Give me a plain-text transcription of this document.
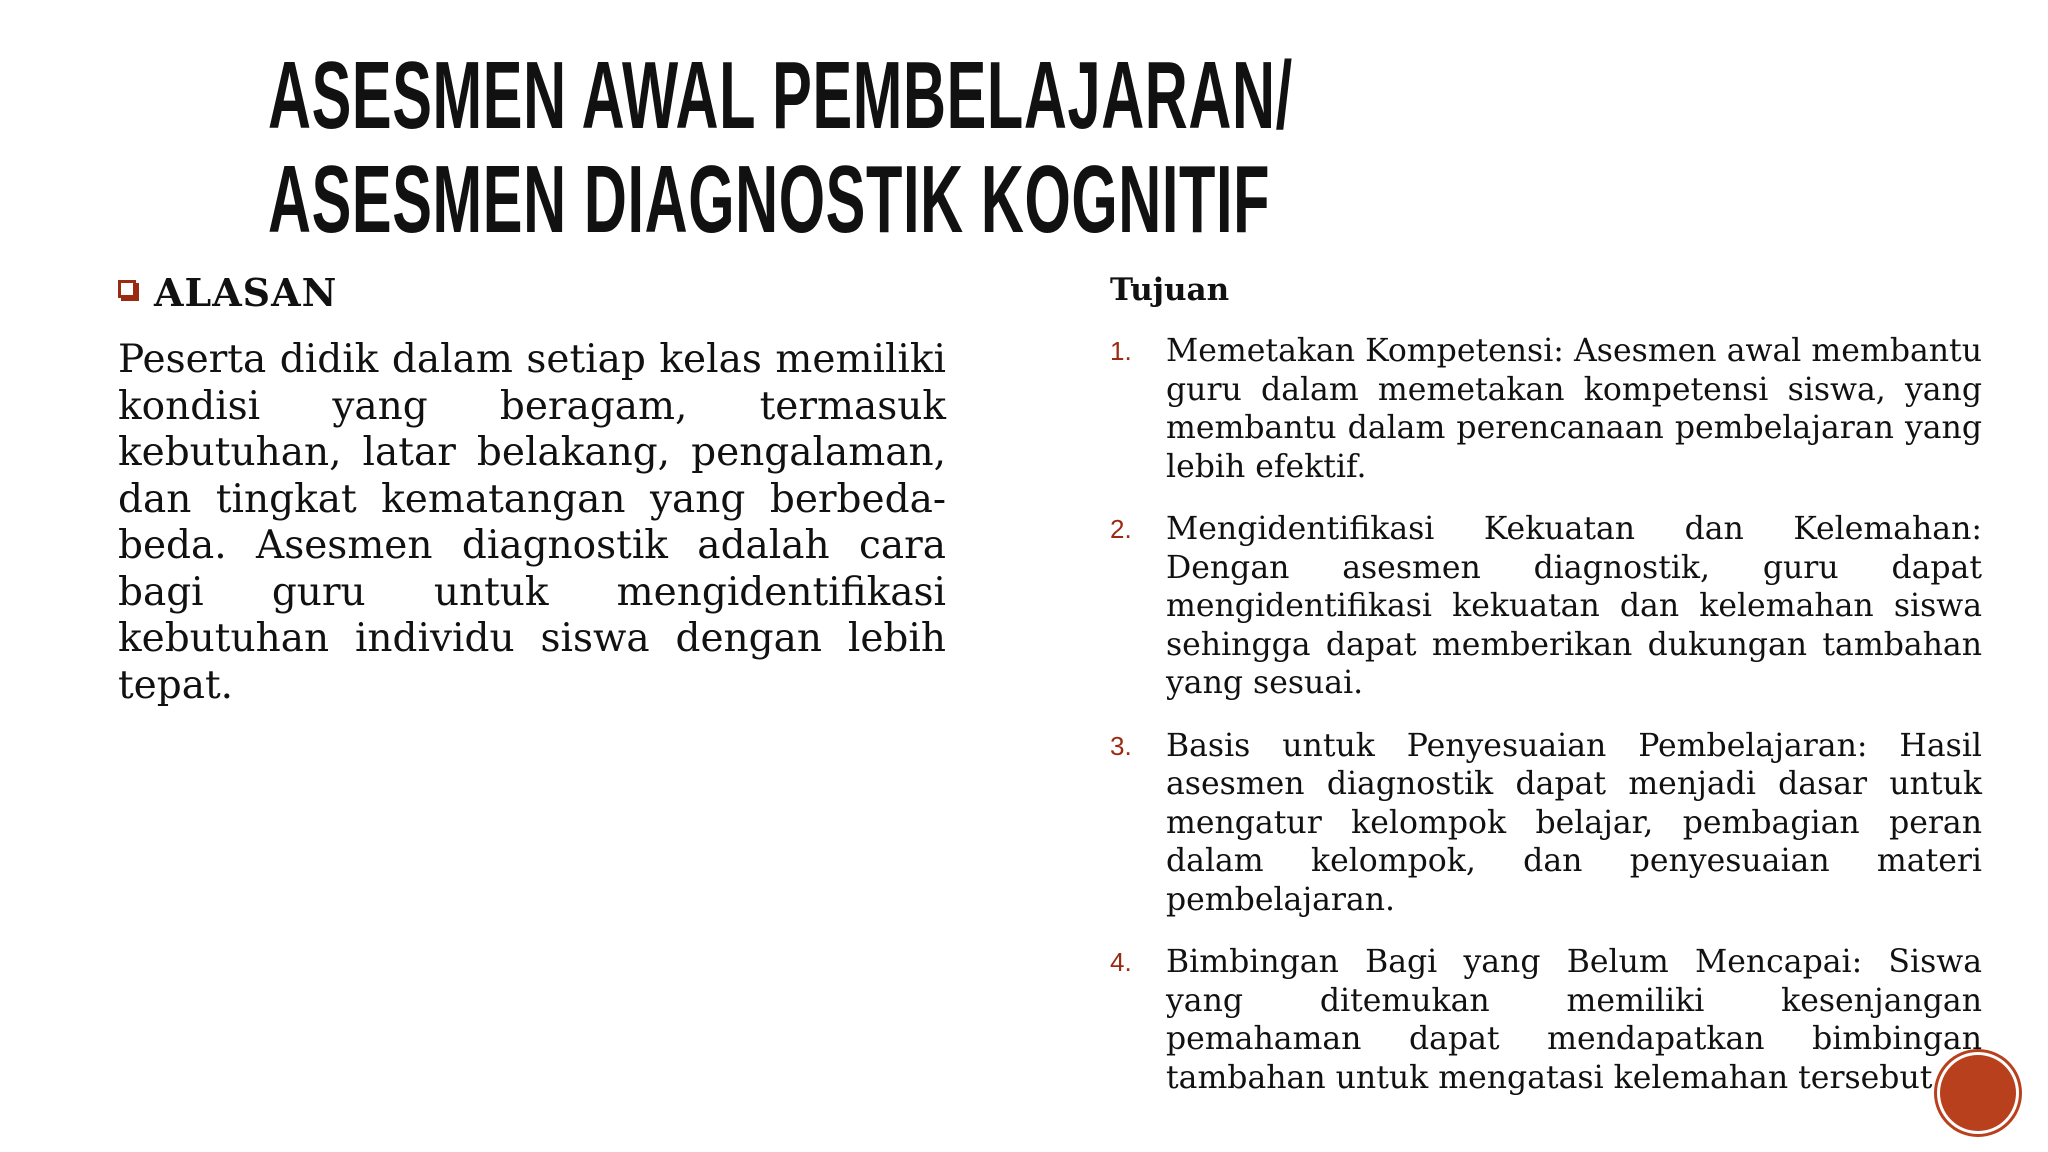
ASESMEN AWAL PEMBELAJARAN/
ASESMEN DIAGNOSTIK KOGNITIF
ALASAN

Peserta didik dalam setiap kelas memiliki kondisi yang beragam, termasuk kebutuhan, latar belakang, pengalaman, dan tingkat kematangan yang berbeda-beda. Asesmen diagnostik adalah cara bagi guru untuk mengidentifikasi kebutuhan individu siswa dengan lebih tepat.

Tujuan
1.	Memetakan Kompetensi: Asesmen awal membantu guru dalam memetakan kompetensi siswa, yang membantu dalam perencanaan pembelajaran yang lebih efektif.
2.	Mengidentifikasi Kekuatan dan Kelemahan: Dengan asesmen diagnostik, guru dapat mengidentifikasi kekuatan dan kelemahan siswa sehingga dapat memberikan dukungan tambahan yang sesuai.
3.	Basis untuk Penyesuaian Pembelajaran: Hasil asesmen diagnostik dapat menjadi dasar untuk mengatur kelompok belajar, pembagian peran dalam kelompok, dan penyesuaian materi pembelajaran.
4.	Bimbingan Bagi yang Belum Mencapai: Siswa yang ditemukan memiliki kesenjangan pemahaman dapat mendapatkan bimbingan tambahan untuk mengatasi kelemahan tersebut.
